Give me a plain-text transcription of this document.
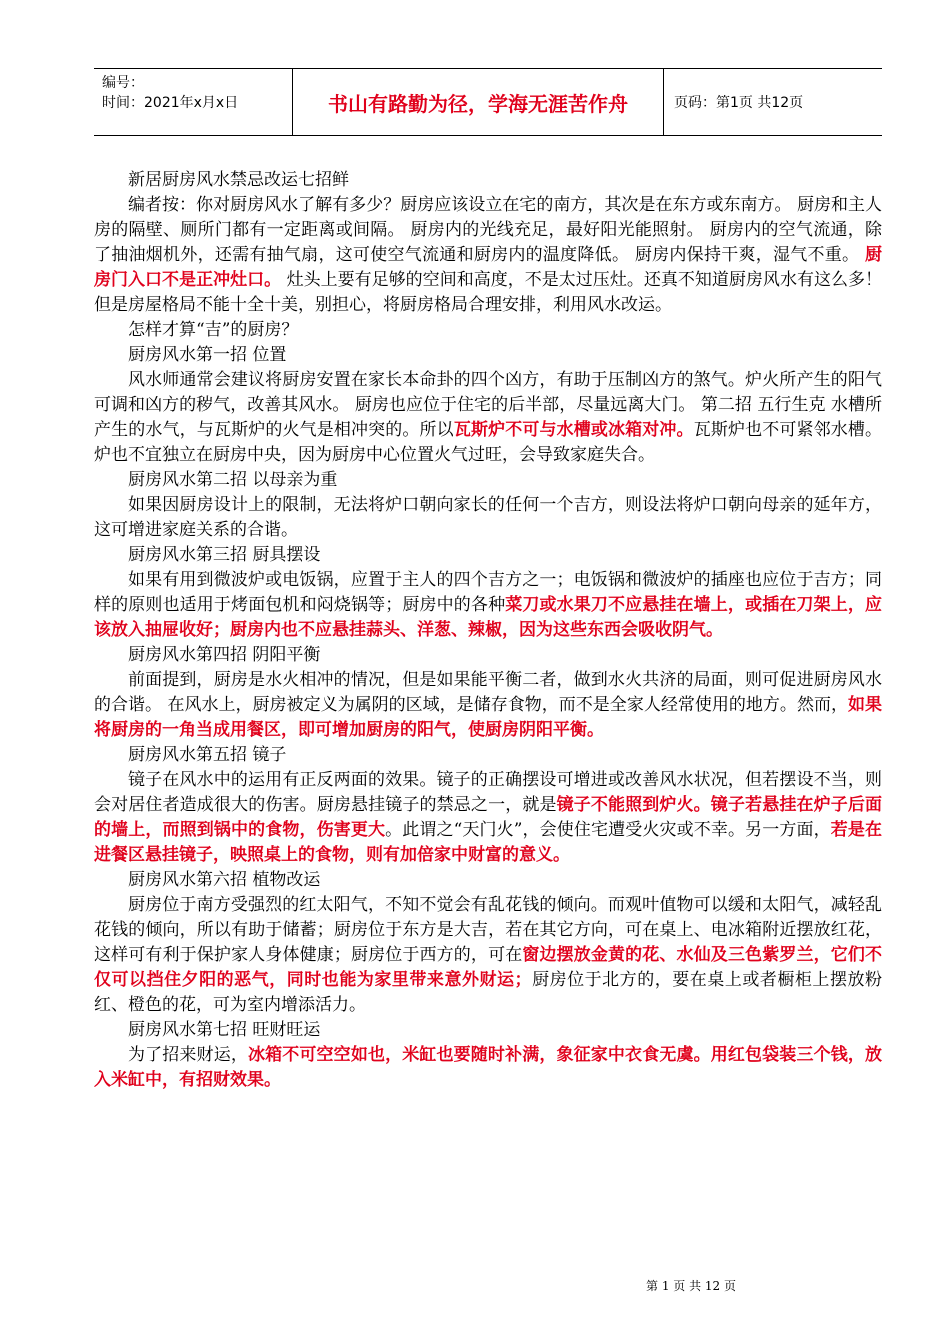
编号：
时间：2021年x月x日	书山有路勤为径，学海无涯苦作舟	页码：第1页 共12页

新居厨房风水禁忌改运七招鲜

编者按：你对厨房风水了解有多少？厨房应该设立在宅的南方，其次是在东方或东南方。 厨房和主人房的隔壁、厕所门都有一定距离或间隔。 厨房内的光线充足，最好阳光能照射。 厨房内的空气流通，除了抽油烟机外，还需有抽气扇，这可使空气流通和厨房内的温度降低。 厨房内保持干爽，湿气不重。 厨房门入口不是正冲灶口。 灶头上要有足够的空间和高度，不是太过压灶。还真不知道厨房风水有这么多！但是房屋格局不能十全十美，别担心，将厨房格局合理安排，利用风水改运。

怎样才算“吉”的厨房？

厨房风水第一招 位置

风水师通常会建议将厨房安置在家长本命卦的四个凶方，有助于压制凶方的煞气。炉火所产生的阳气可调和凶方的秽气，改善其风水。 厨房也应位于住宅的后半部，尽量远离大门。 第二招 五行生克 水槽所产生的水气，与瓦斯炉的火气是相冲突的。所以瓦斯炉不可与水槽或冰箱对冲。瓦斯炉也不可紧邻水槽。炉也不宜独立在厨房中央，因为厨房中心位置火气过旺，会导致家庭失合。

厨房风水第二招 以母亲为重

如果因厨房设计上的限制，无法将炉口朝向家长的任何一个吉方，则设法将炉口朝向母亲的延年方，这可增进家庭关系的合谐。

厨房风水第三招 厨具摆设

如果有用到微波炉或电饭锅，应置于主人的四个吉方之一；电饭锅和微波炉的插座也应位于吉方；同样的原则也适用于烤面包机和闷烧锅等；厨房中的各种菜刀或水果刀不应悬挂在墙上，或插在刀架上，应该放入抽屉收好；厨房内也不应悬挂蒜头、洋葱、辣椒，因为这些东西会吸收阴气。

厨房风水第四招 阴阳平衡

前面提到，厨房是水火相冲的情况，但是如果能平衡二者，做到水火共济的局面，则可促进厨房风水的合谐。 在风水上，厨房被定义为属阴的区域，是储存食物，而不是全家人经常使用的地方。然而，如果将厨房的一角当成用餐区，即可增加厨房的阳气，使厨房阴阳平衡。

厨房风水第五招 镜子

镜子在风水中的运用有正反两面的效果。镜子的正确摆设可增进或改善风水状况，但若摆设不当，则会对居住者造成很大的伤害。厨房悬挂镜子的禁忌之一，就是镜子不能照到炉火。镜子若悬挂在炉子后面的墙上，而照到锅中的食物，伤害更大。此谓之“天门火”，会使住宅遭受火灾或不幸。另一方面，若是在进餐区悬挂镜子，映照桌上的食物，则有加倍家中财富的意义。

厨房风水第六招 植物改运

厨房位于南方受强烈的红太阳气，不知不觉会有乱花钱的倾向。而观叶值物可以缓和太阳气，减轻乱花钱的倾向，所以有助于储蓄；厨房位于东方是大吉，若在其它方向，可在桌上、电冰箱附近摆放红花，这样可有利于保护家人身体健康；厨房位于西方的，可在窗边摆放金黄的花、水仙及三色紫罗兰，它们不仅可以挡住夕阳的恶气，同时也能为家里带来意外财运；厨房位于北方的，要在桌上或者橱柜上摆放粉红、橙色的花，可为室内增添活力。

厨房风水第七招 旺财旺运

为了招来财运，冰箱不可空空如也，米缸也要随时补满，象征家中衣食无虞。用红包袋装三个钱，放入米缸中，有招财效果。

第 1 页 共 12 页
